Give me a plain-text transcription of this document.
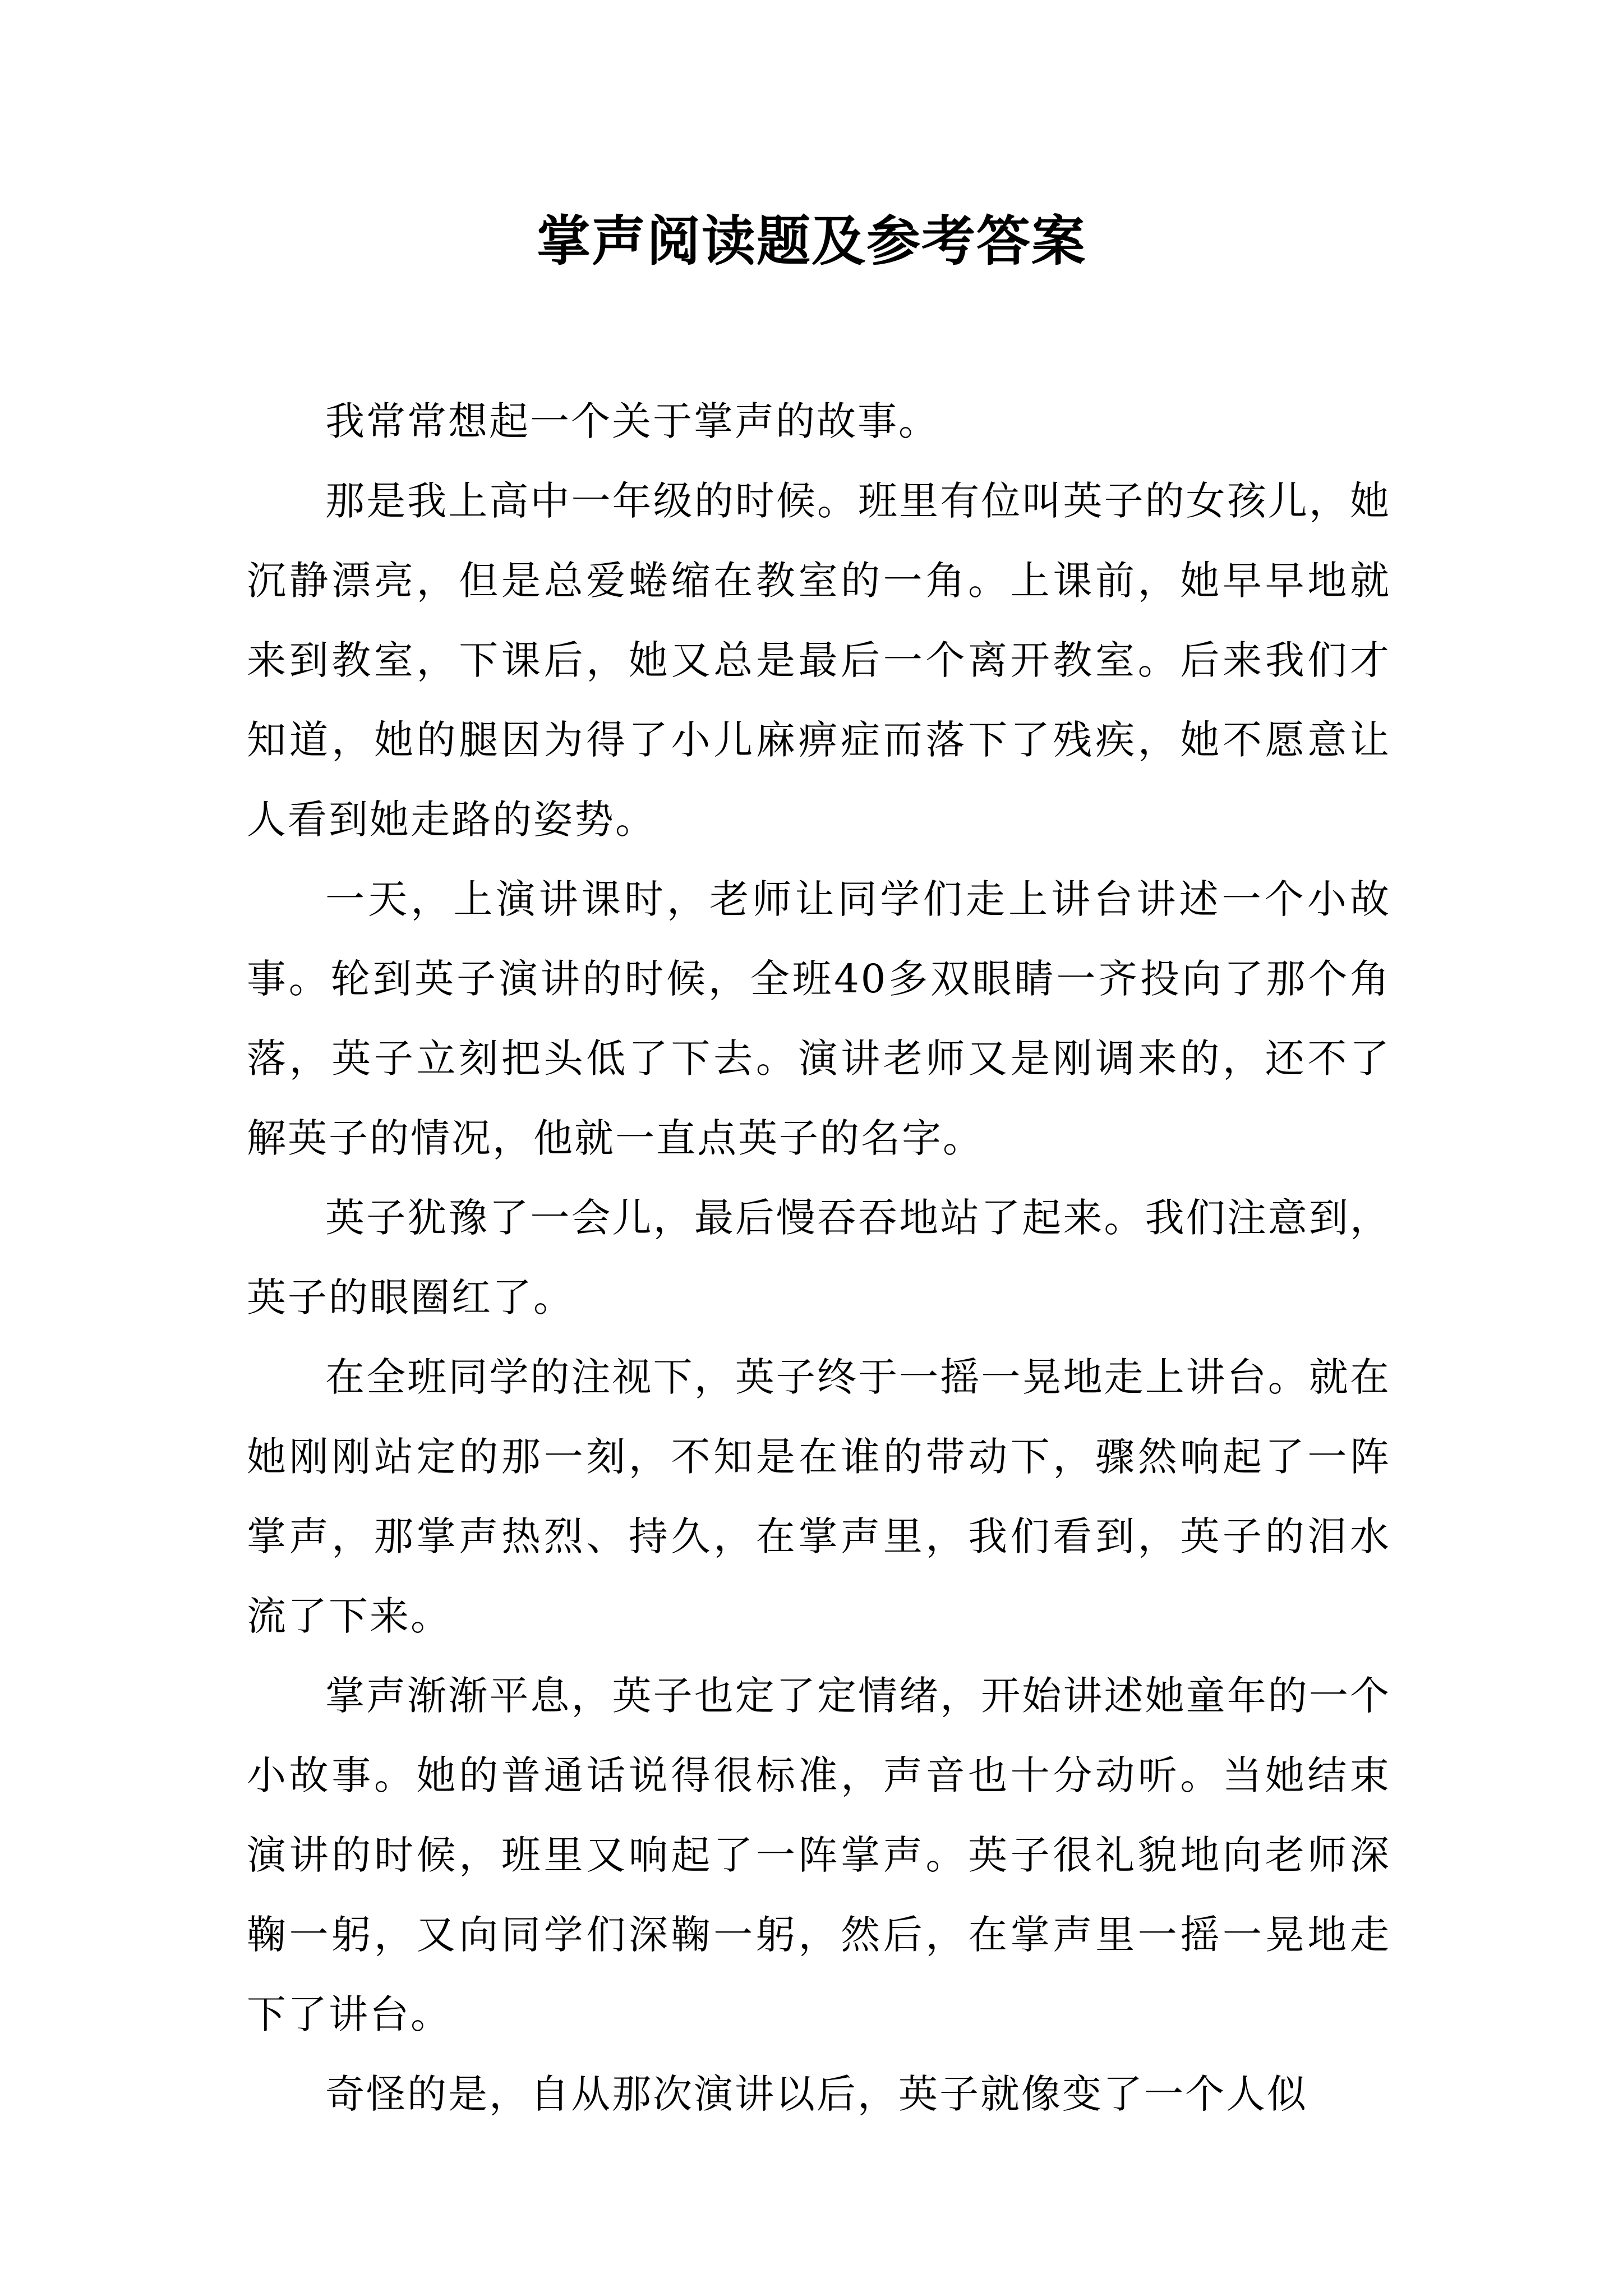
掌声阅读题及参考答案

我常常想起一个关于掌声的故事。

那是我上高中一年级的时候。班里有位叫英子的女孩儿，她沉静漂亮，但是总爱蜷缩在教室的一角。上课前，她早早地就来到教室，下课后，她又总是最后一个离开教室。后来我们才知道，她的腿因为得了小儿麻痹症而落下了残疾，她不愿意让人看到她走路的姿势。

一天，上演讲课时，老师让同学们走上讲台讲述一个小故事。轮到英子演讲的时候，全班40多双眼睛一齐投向了那个角落，英子立刻把头低了下去。演讲老师又是刚调来的，还不了解英子的情况，他就一直点英子的名字。

英子犹豫了一会儿，最后慢吞吞地站了起来。我们注意到，英子的眼圈红了。

在全班同学的注视下，英子终于一摇一晃地走上讲台。就在她刚刚站定的那一刻，不知是在谁的带动下，骤然响起了一阵掌声，那掌声热烈、持久，在掌声里，我们看到，英子的泪水流了下来。

掌声渐渐平息，英子也定了定情绪，开始讲述她童年的一个小故事。她的普通话说得很标准，声音也十分动听。当她结束演讲的时候，班里又响起了一阵掌声。英子很礼貌地向老师深鞠一躬，又向同学们深鞠一躬，然后，在掌声里一摇一晃地走下了讲台。

奇怪的是，自从那次演讲以后，英子就像变了一个人似
